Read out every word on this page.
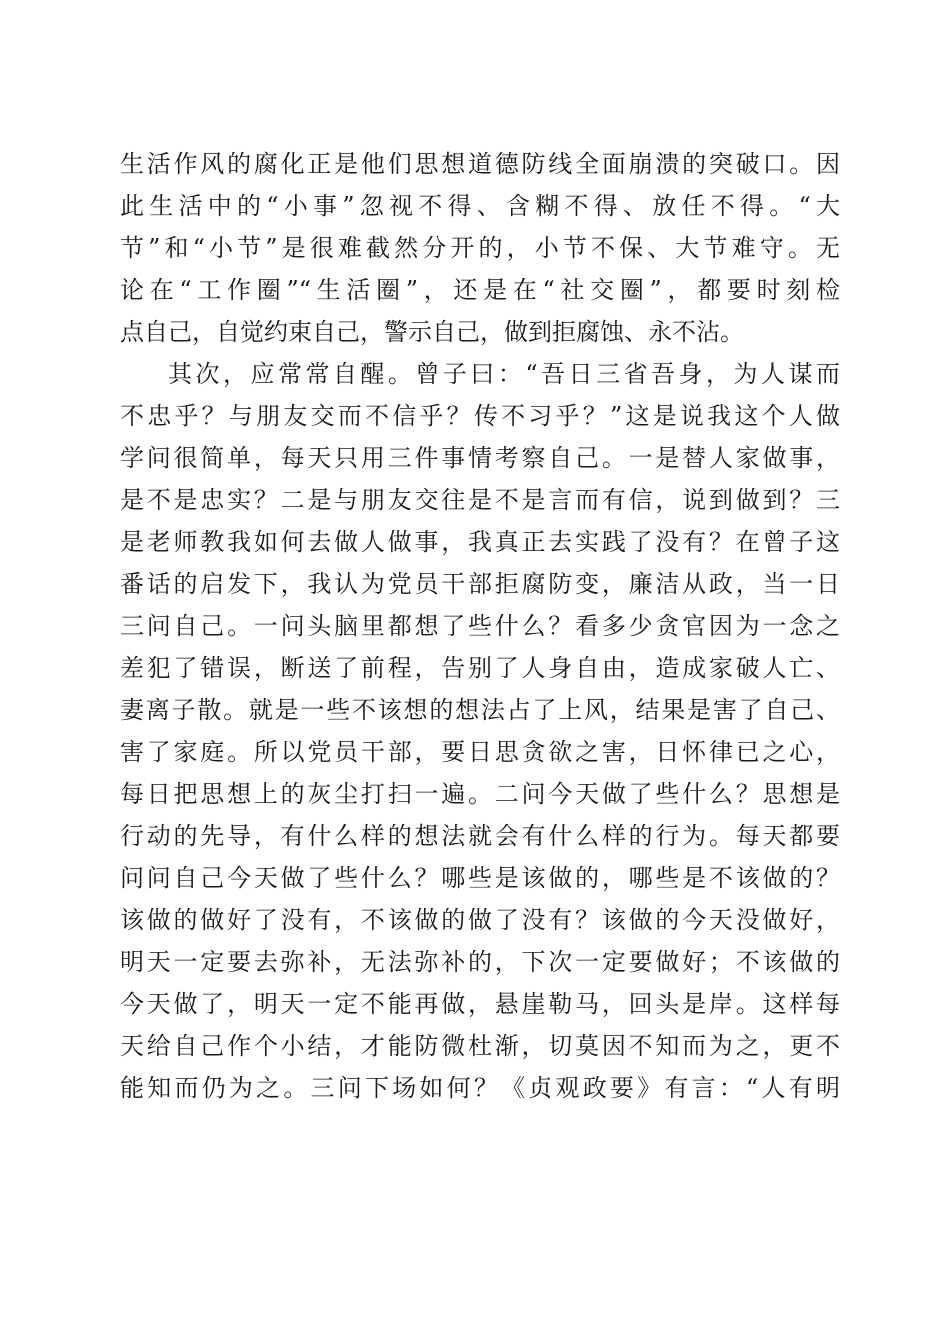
生活作风的腐化正是他们思想道德防线全面崩溃的突破口。因
此生活中的“小事”忽视不得、含糊不得、放任不得。“大
节”和“小节”是很难截然分开的，小节不保、大节难守。无
论在“工作圈”“生活圈”，还是在“社交圈”，都要时刻检
点自己，自觉约束自己，警示自己，做到拒腐蚀、永不沾。
其次，应常常自醒。曾子曰：“吾日三省吾身，为人谋而
不忠乎？与朋友交而不信乎？传不习乎？”这是说我这个人做
学问很简单，每天只用三件事情考察自己。一是替人家做事，
是不是忠实？二是与朋友交往是不是言而有信，说到做到？三
是老师教我如何去做人做事，我真正去实践了没有？在曾子这
番话的启发下，我认为党员干部拒腐防变，廉洁从政，当一日
三问自己。一问头脑里都想了些什么？看多少贪官因为一念之
差犯了错误，断送了前程，告别了人身自由，造成家破人亡、
妻离子散。就是一些不该想的想法占了上风，结果是害了自己、
害了家庭。所以党员干部，要日思贪欲之害，日怀律已之心，
每日把思想上的灰尘打扫一遍。二问今天做了些什么？思想是
行动的先导，有什么样的想法就会有什么样的行为。每天都要
问问自己今天做了些什么？哪些是该做的，哪些是不该做的？
该做的做好了没有，不该做的做了没有？该做的今天没做好，
明天一定要去弥补，无法弥补的，下次一定要做好；不该做的
今天做了，明天一定不能再做，悬崖勒马，回头是岸。这样每
天给自己作个小结，才能防微杜渐，切莫因不知而为之，更不
能知而仍为之。三问下场如何？《贞观政要》有言：“人有明
